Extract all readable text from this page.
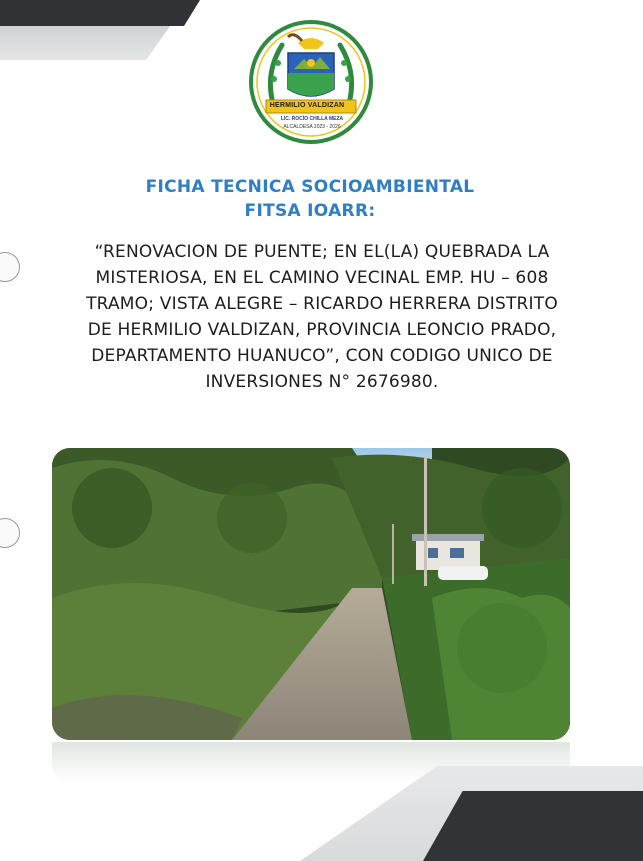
HERMILIO VALDIZAN
LIC. ROCÍO CHILLA MEZA
ALCALDESA 2023 - 2026
FICHA TECNICA SOCIOAMBIENTAL
FITSA IOARR:
“RENOVACION DE PUENTE; EN EL(LA) QUEBRADA LA MISTERIOSA, EN EL CAMINO VECINAL EMP. HU – 608 TRAMO; VISTA ALEGRE – RICARDO HERRERA DISTRITO DE HERMILIO VALDIZAN, PROVINCIA LEONCIO PRADO, DEPARTAMENTO HUANUCO”, CON CODIGO UNICO DE INVERSIONES N° 2676980.
